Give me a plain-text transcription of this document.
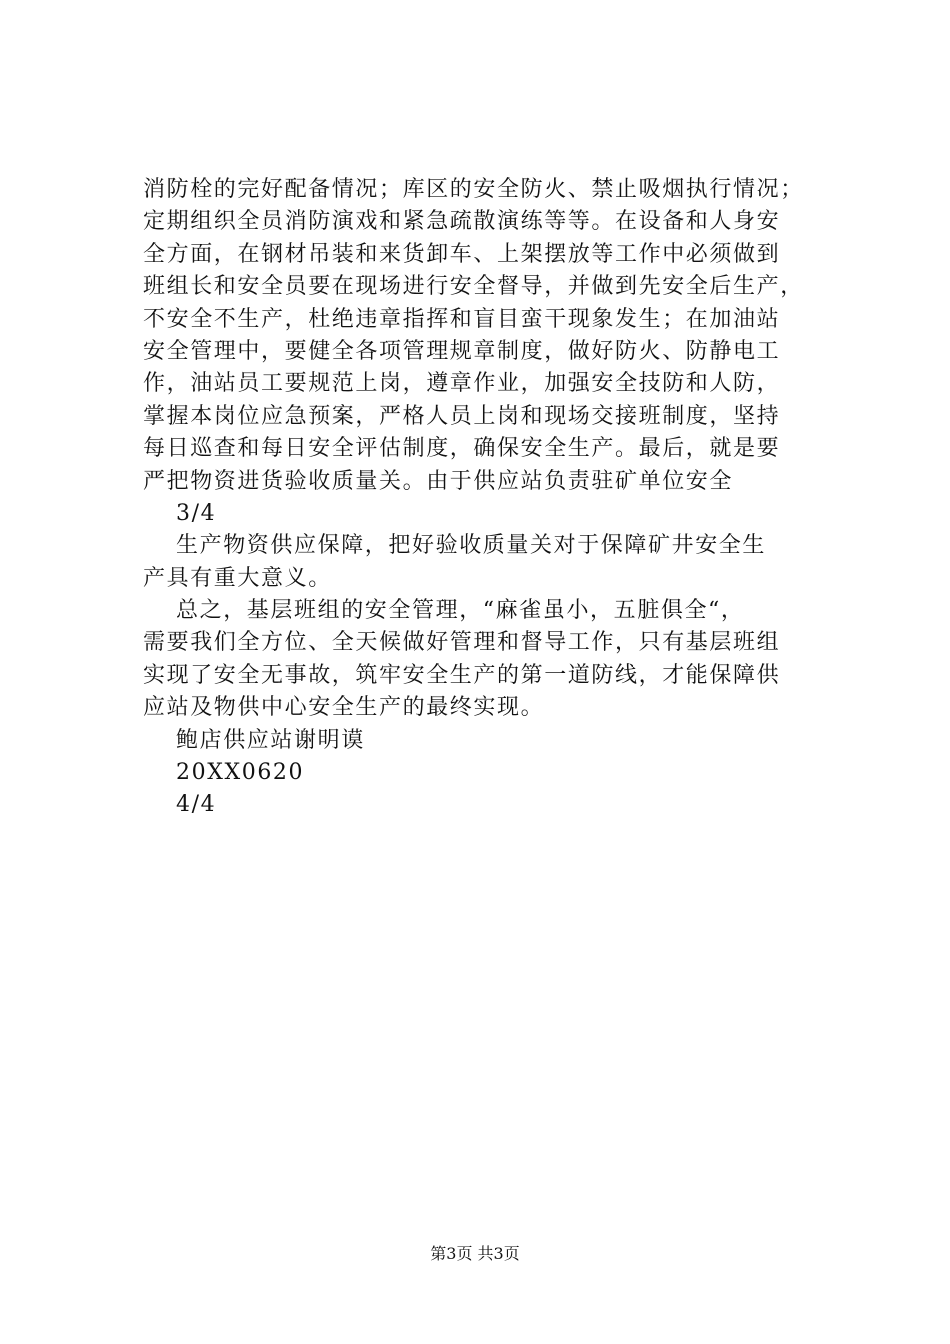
消防栓的完好配备情况；库区的安全防火、禁止吸烟执行情况；
定期组织全员消防演戏和紧急疏散演练等等。在设备和人身安
全方面，在钢材吊装和来货卸车、上架摆放等工作中必须做到
班组长和安全员要在现场进行安全督导，并做到先安全后生产，
不安全不生产，杜绝违章指挥和盲目蛮干现象发生；在加油站
安全管理中，要健全各项管理规章制度，做好防火、防静电工
作，油站员工要规范上岗，遵章作业，加强安全技防和人防，
掌握本岗位应急预案，严格人员上岗和现场交接班制度，坚持
每日巡查和每日安全评估制度，确保安全生产。最后，就是要
严把物资进货验收质量关。由于供应站负责驻矿单位安全
3/4
生产物资供应保障，把好验收质量关对于保障矿井安全生
产具有重大意义。
总之，基层班组的安全管理，“麻雀虽小，五脏俱全“，
需要我们全方位、全天候做好管理和督导工作，只有基层班组
实现了安全无事故，筑牢安全生产的第一道防线，才能保障供
应站及物供中心安全生产的最终实现。
鲍店供应站谢明谟
20XX0620
4/4
第3页 共3页
